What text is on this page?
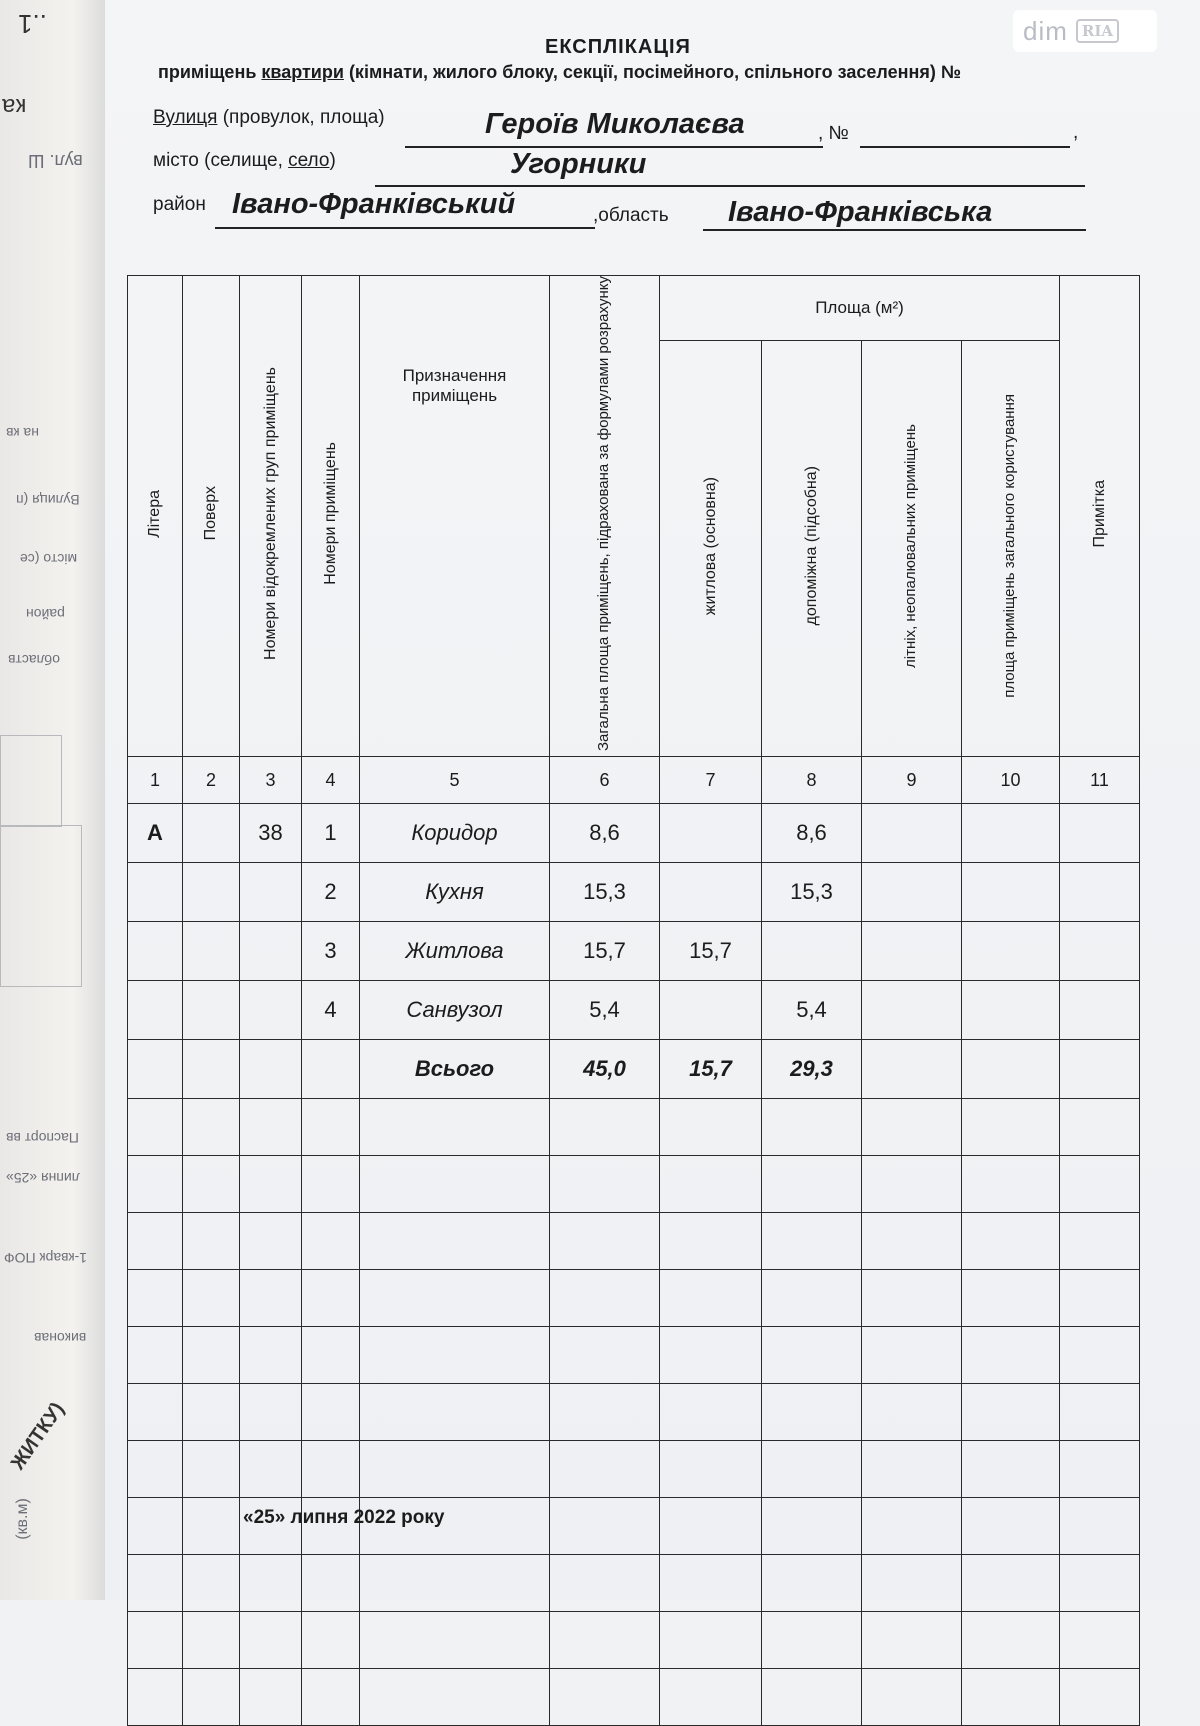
..1
ка
вул. Ш
на кв
Вулиця (п
місто (се
район
областв
Паспорт вв
липня «25»
1-кварк ПОФ
виконав
ЖИТКУ)
(кв.м)
dim RIA
ЕКСПЛІКАЦІЯ
приміщень квартири (кімнати, жилого блоку, секції, посімейного, спільного заселення) №
Вулиця (провулок, площа)	Героїв Миколаєва	, №	,
місто (селище, село)	Угорники
район Івано-Франківський	,область Івано-Франківська
Літера	Поверх	Номери відокремлених груп приміщень	Номери приміщень	Призначення приміщень	Загальна площа приміщень, підрахована за формулами розрахунку	Площа (м²)				Примітка
						житлова (основна)	допоміжна (підсобна)	літніх, неопалювальних приміщень	площа приміщень загального користування	
1	2	3	4	5	6	7	8	9	10	11
А		38	1	Коридор	8,6		8,6			
			2	Кухня	15,3		15,3			
			3	Житлова	15,7	15,7				
			4	Санвузол	5,4		5,4			
				Всього	45,0	15,7	29,3			

«25» липня 2022 року
